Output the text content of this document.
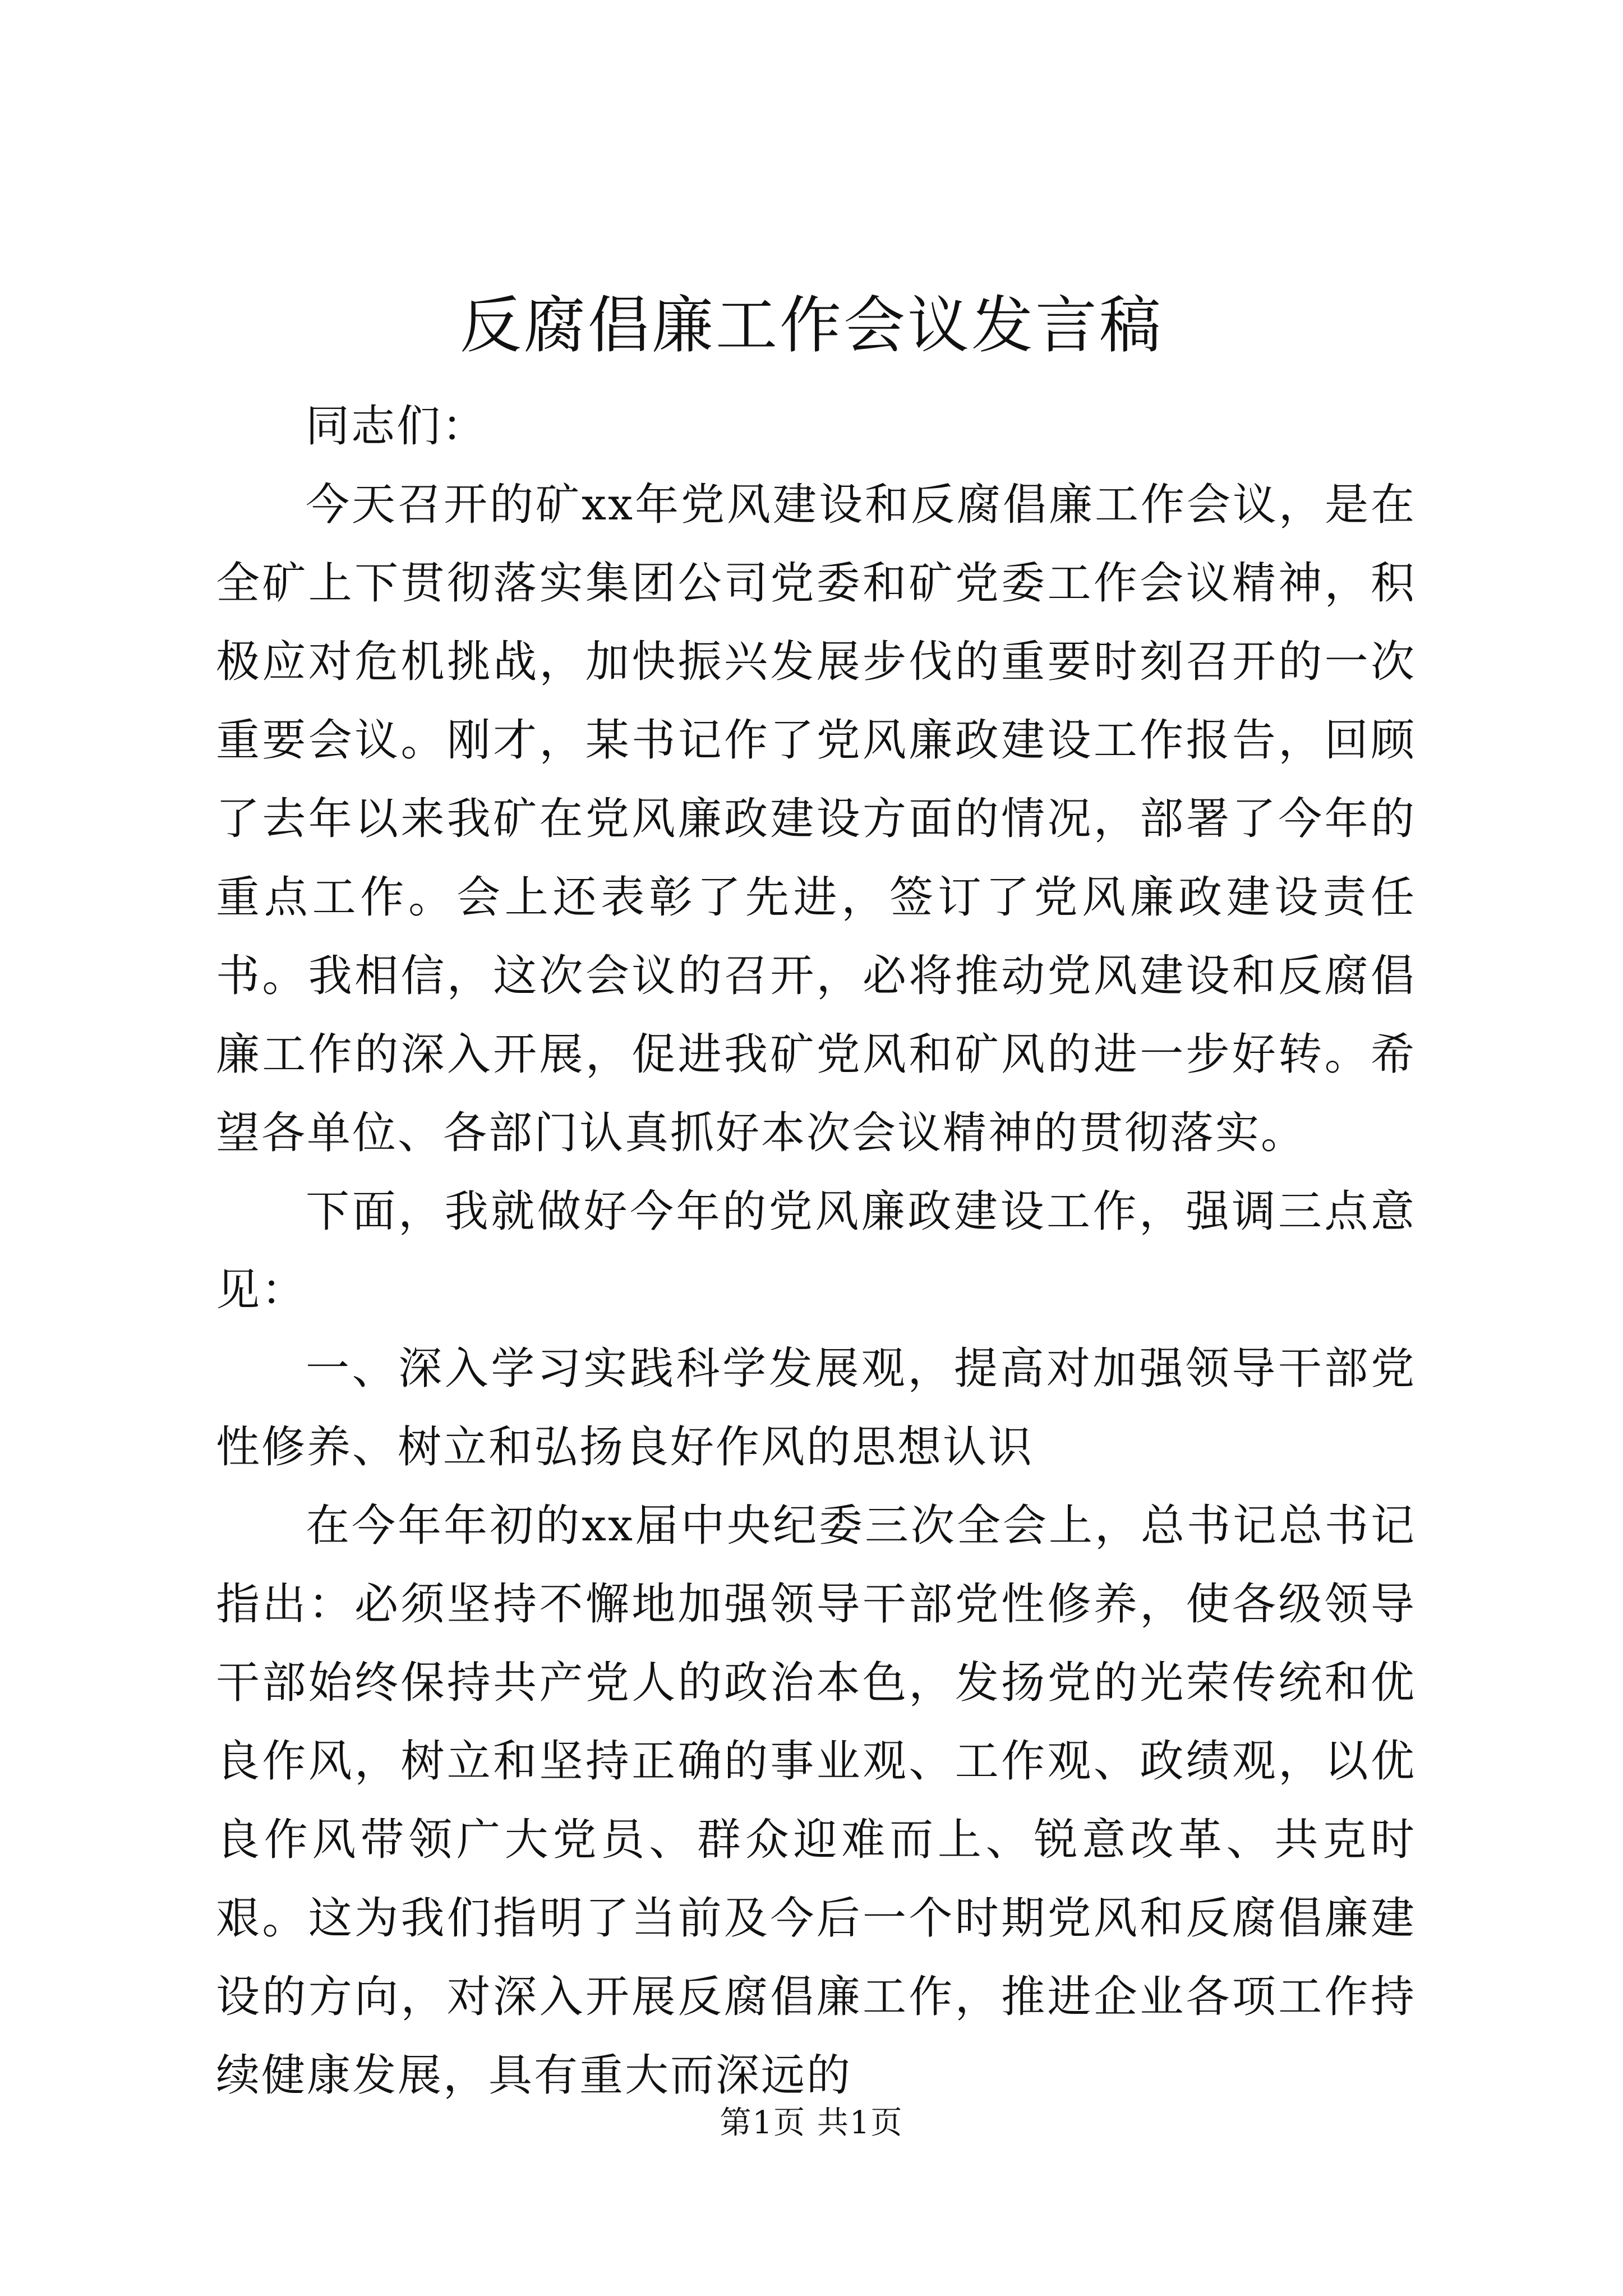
反腐倡廉工作会议发言稿

同志们：

今天召开的矿xx年党风建设和反腐倡廉工作会议，是在全矿上下贯彻落实集团公司党委和矿党委工作会议精神，积极应对危机挑战，加快振兴发展步伐的重要时刻召开的一次重要会议。刚才，某书记作了党风廉政建设工作报告，回顾了去年以来我矿在党风廉政建设方面的情况，部署了今年的重点工作。会上还表彰了先进，签订了党风廉政建设责任书。我相信，这次会议的召开，必将推动党风建设和反腐倡廉工作的深入开展，促进我矿党风和矿风的进一步好转。希望各单位、各部门认真抓好本次会议精神的贯彻落实。

下面，我就做好今年的党风廉政建设工作，强调三点意见：

一、深入学习实践科学发展观，提高对加强领导干部党性修养、树立和弘扬良好作风的思想认识

在今年年初的xx届中央纪委三次全会上，总书记总书记指出：必须坚持不懈地加强领导干部党性修养，使各级领导干部始终保持共产党人的政治本色，发扬党的光荣传统和优良作风，树立和坚持正确的事业观、工作观、政绩观，以优良作风带领广大党员、群众迎难而上、锐意改革、共克时艰。这为我们指明了当前及今后一个时期党风和反腐倡廉建设的方向，对深入开展反腐倡廉工作，推进企业各项工作持续健康发展，具有重大而深远的

第1页 共1页
